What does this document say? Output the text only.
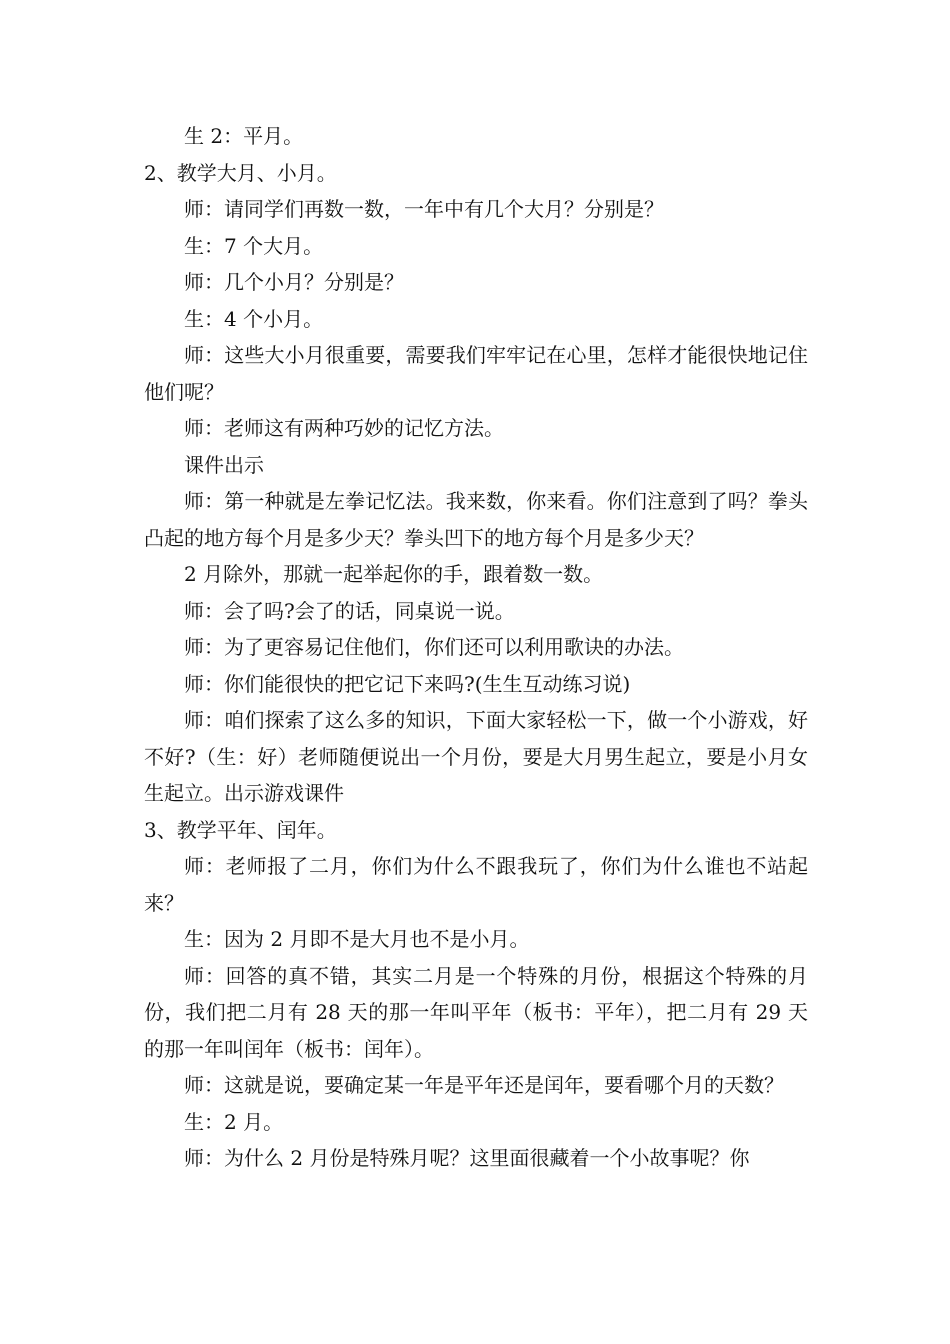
生 2：平月。

2、教学大月、小月。

师：请同学们再数一数，一年中有几个大月？分别是？

生：7 个大月。

师：几个小月？分别是？

生：4 个小月。

师：这些大小月很重要，需要我们牢牢记在心里，怎样才能很快地记住他们呢？

师：老师这有两种巧妙的记忆方法。

课件出示

师：第一种就是左拳记忆法。我来数，你来看。你们注意到了吗？拳头凸起的地方每个月是多少天？拳头凹下的地方每个月是多少天？

2 月除外，那就一起举起你的手，跟着数一数。

师：会了吗?会了的话，同桌说一说。

师：为了更容易记住他们，你们还可以利用歌诀的办法。

师：你们能很快的把它记下来吗?(生生互动练习说)

师：咱们探索了这么多的知识，下面大家轻松一下，做一个小游戏，好不好?（生：好）老师随便说出一个月份，要是大月男生起立，要是小月女生起立。出示游戏课件

3、教学平年、闰年。

师：老师报了二月，你们为什么不跟我玩了，你们为什么谁也不站起来？

生：因为 2 月即不是大月也不是小月。

师：回答的真不错，其实二月是一个特殊的月份，根据这个特殊的月份，我们把二月有 28 天的那一年叫平年（板书：平年），把二月有 29 天的那一年叫闰年（板书：闰年）。

师：这就是说，要确定某一年是平年还是闰年，要看哪个月的天数？

生：2 月。

师：为什么 2 月份是特殊月呢？这里面很藏着一个小故事呢？你
